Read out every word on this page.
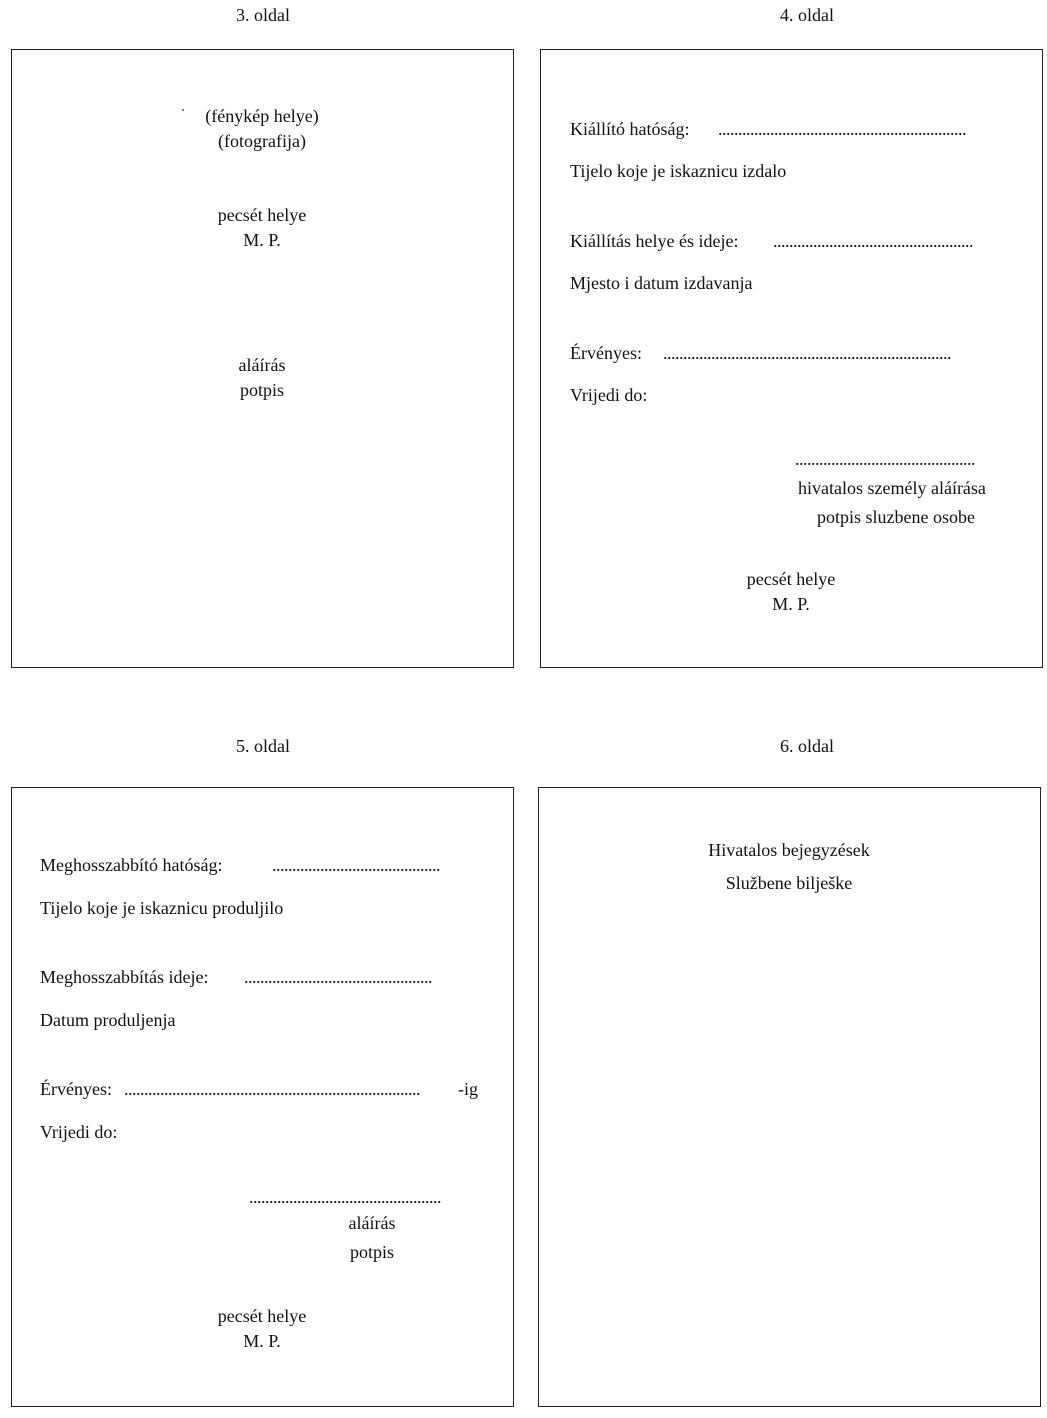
3. oldal
(fénykép helye)
(fotografija)
pecsét helye
M. P.
aláírás
potpis
4. oldal
Kiállító hatóság: ..............................................................
Tijelo koje je iskaznicu izdalo
Kiállítás helye és ideje: ..................................................
Mjesto i datum izdavanja
Érvényes: ........................................................................
Vrijedi do:
.............................................
hivatalos személy aláírása
potpis sluzbene osobe
pecsét helye
M. P.
5. oldal
Meghosszabbító hatóság:	..........................................
Tijelo koje je iskaznicu produljilo
Meghosszabbítás ideje: ...............................................
Datum produljenja
Érvényes: .......................................................................... -ig
Vrijedi do:
................................................
aláírás
potpis
pecsét helye
M. P.
6. oldal
Hivatalos bejegyzések
Službene bilješke
